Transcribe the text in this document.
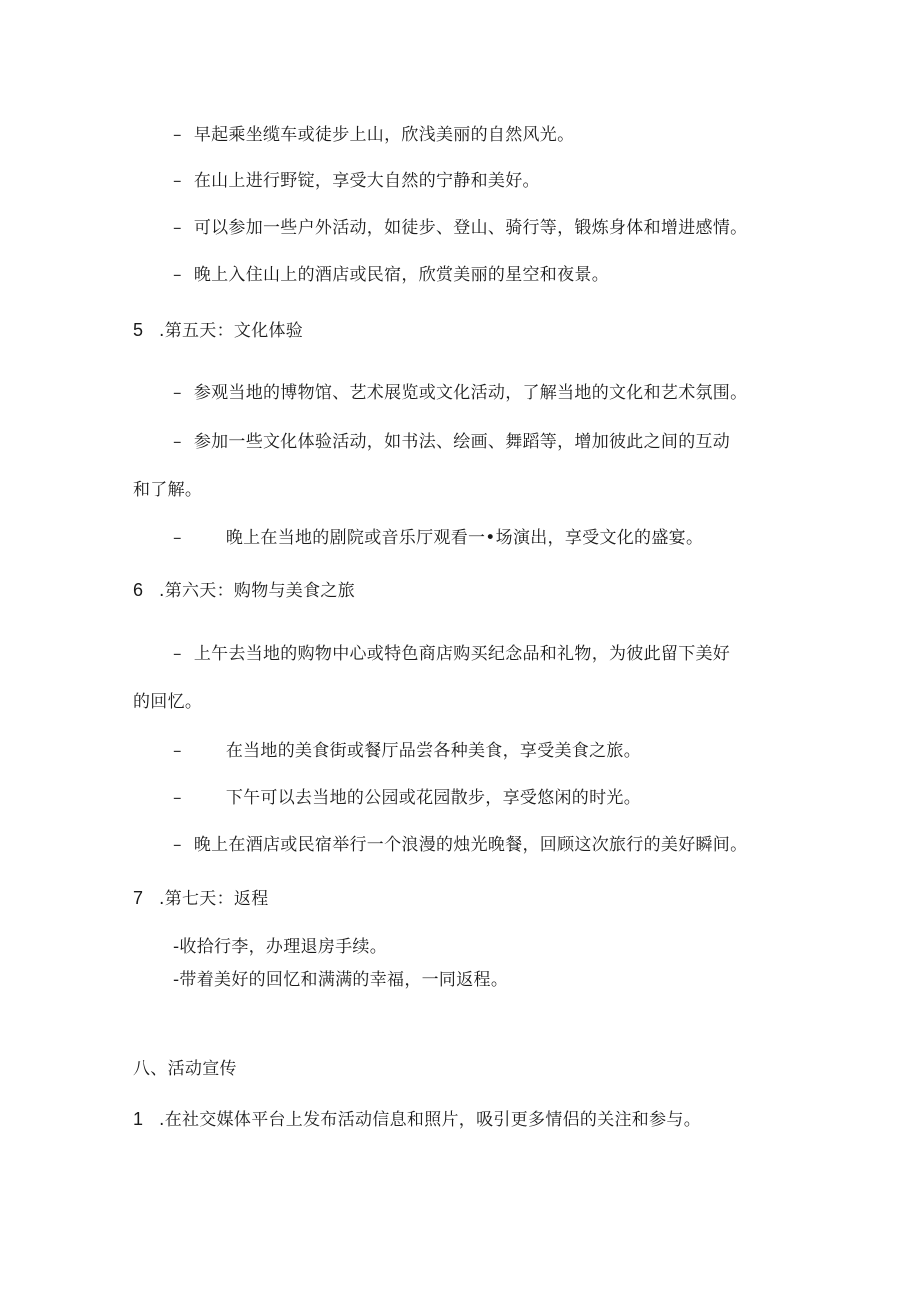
– 早起乘坐缆车或徒步上山，欣浅美丽的自然风光。
– 在山上进行野锭，享受大自然的宁静和美好。
– 可以参加一些户外活动，如徒步、登山、骑行等，锻炼身体和增进感情。
– 晚上入住山上的酒店或民宿，欣赏美丽的星空和夜景。
5 .第五天：文化体验
– 参观当地的博物馆、艺术展览或文化活动，了解当地的文化和艺术氛围。
– 参加一些文化体验活动，如书法、绘画、舞蹈等，增加彼此之间的互动
和了解。
–	晚上在当地的剧院或音乐厅观看一•场演出，享受文化的盛宴。
6 .第六天：购物与美食之旅
– 上午去当地的购物中心或特色商店购买纪念品和礼物，为彼此留下美好
的回忆。
–	在当地的美食街或餐厅品尝各种美食，享受美食之旅。
–	下午可以去当地的公园或花园散步，享受悠闲的时光。
– 晚上在酒店或民宿举行一个浪漫的烛光晚餐，回顾这次旅行的美好瞬间。
7 .第七天：返程
-收拾行李，办理退房手续。
-带着美好的回忆和满满的幸福，一同返程。
八、活动宣传
1 .在社交媒体平台上发布活动信息和照片，吸引更多情侣的关注和参与。
